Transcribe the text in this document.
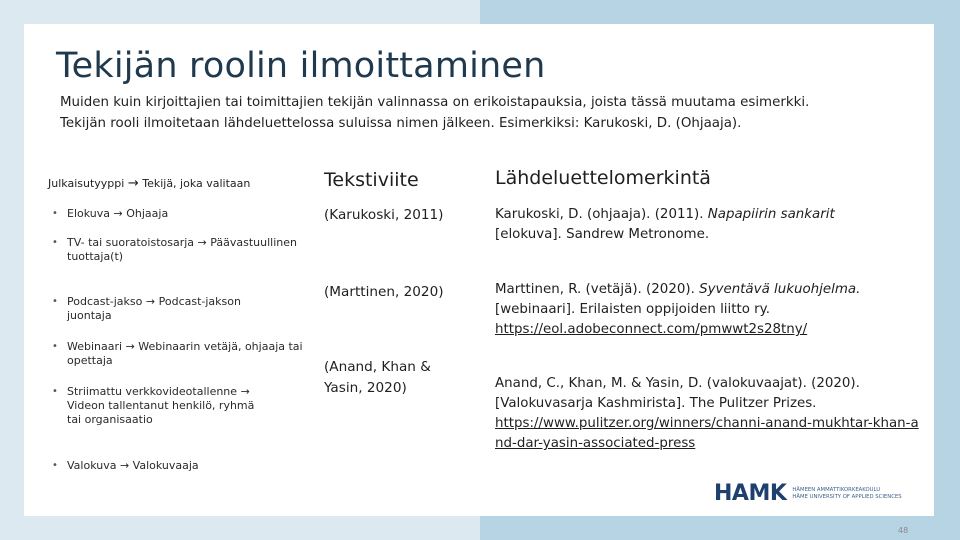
Tekijän roolin ilmoittaminen

Muiden kuin kirjoittajien tai toimittajien tekijän valinnassa on erikoistapauksia, joista tässä muutama esimerkki.

Tekijän rooli ilmoitetaan lähdeluettelossa suluissa nimen jälkeen. Esimerkiksi: Karukoski, D. (Ohjaaja).

Julkaisutyyppi → Tekijä, joka valitaan	Tekstiviite	Lähdeluettelomerkintä
• Elokuva → Ohjaaja
• TV- tai suoratoistosarja → Päävastuullinen tuottaja(t)
• Podcast-jakso → Podcast-jakson juontaja
• Webinaari → Webinaarin vetäjä, ohjaaja tai opettaja
• Striimattu verkkovideotallenne → Videon tallentanut henkilö, ryhmä tai organisaatio
• Valokuva → Valokuvaaja
(Karukoski, 2011)
(Marttinen, 2020)
(Anand, Khan &
Yasin, 2020)
Karukoski, D. (ohjaaja). (2011). Napapiirin sankarit
[elokuva]. Sandrew Metronome.
Marttinen, R. (vetäjä). (2020). Syventävä lukuohjelma.
[webinaari]. Erilaisten oppijoiden liitto ry.
https://eol.adobeconnect.com/pmwwt2s28tny/
Anand, C., Khan, M. & Yasin, D. (valokuvaajat). (2020).
[Valokuvasarja Kashmirista]. The Pulitzer Prizes.
https://www.pulitzer.org/winners/channi-anand-mukhtar-khan-and-dar-yasin-associated-press
HAMK HÄMEEN AMMATTIKORKEAKOULU
HÄME UNIVERSITY OF APPLIED SCIENCES
48
